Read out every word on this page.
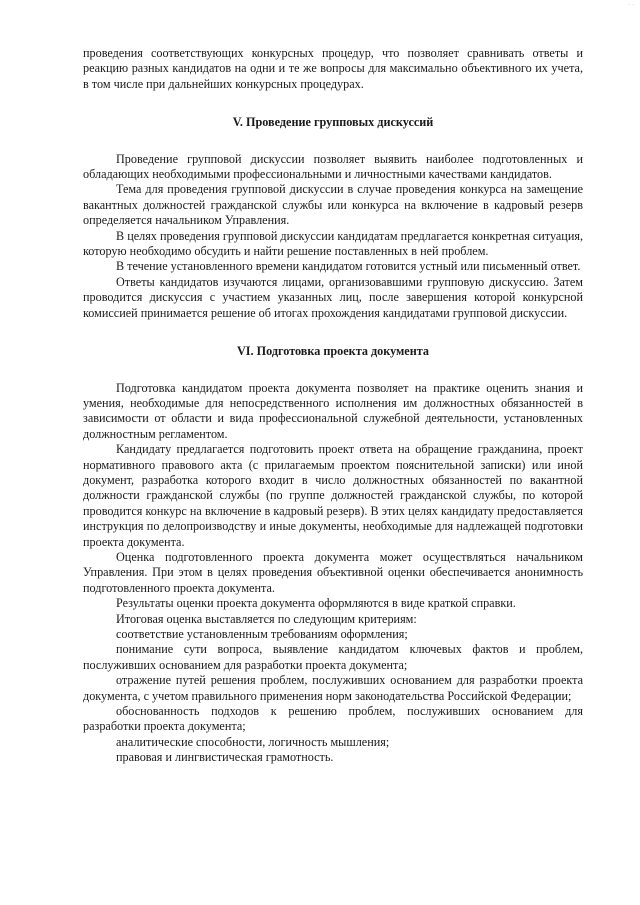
· ·

проведения соответствующих конкурсных процедур, что позволяет сравнивать ответы и реакцию разных кандидатов на одни и те же вопросы для максимально объективного их учета, в том числе при дальнейших конкурсных процедурах.

V. Проведение групповых дискуссий

Проведение групповой дискуссии позволяет выявить наиболее подготовленных и обладающих необходимыми профессиональными и личностными качествами кандидатов.

Тема для проведения групповой дискуссии в случае проведения конкурса на замещение вакантных должностей гражданской службы или конкурса на включение в кадровый резерв определяется начальником Управления.

В целях проведения групповой дискуссии кандидатам предлагается конкретная ситуация, которую необходимо обсудить и найти решение поставленных в ней проблем.

В течение установленного времени кандидатом готовится устный или письменный ответ.

Ответы кандидатов изучаются лицами, организовавшими групповую дискуссию. Затем проводится дискуссия с участием указанных лиц, после завершения которой конкурсной комиссией принимается решение об итогах прохождения кандидатами групповой дискуссии.

VI. Подготовка проекта документа

Подготовка кандидатом проекта документа позволяет на практике оценить знания и умения, необходимые для непосредственного исполнения им должностных обязанностей в зависимости от области и вида профессиональной служебной деятельности, установленных должностным регламентом.

Кандидату предлагается подготовить проект ответа на обращение гражданина, проект нормативного правового акта (с прилагаемым проектом пояснительной записки) или иной документ, разработка которого входит в число должностных обязанностей по вакантной должности гражданской службы (по группе должностей гражданской службы, по которой проводится конкурс на включение в кадровый резерв). В этих целях кандидату предоставляется инструкция по делопроизводству и иные документы, необходимые для надлежащей подготовки проекта документа.

Оценка подготовленного проекта документа может осуществляться начальником Управления. При этом в целях проведения объективной оценки обеспечивается анонимность подготовленного проекта документа.

Результаты оценки проекта документа оформляются в виде краткой справки.

Итоговая оценка выставляется по следующим критериям:

соответствие установленным требованиям оформления;

понимание сути вопроса, выявление кандидатом ключевых фактов и проблем, послуживших основанием для разработки проекта документа;

отражение путей решения проблем, послуживших основанием для разработки проекта документа, с учетом правильного применения норм законодательства Российской Федерации;

обоснованность подходов к решению проблем, послуживших основанием для разработки проекта документа;

аналитические способности, логичность мышления;

правовая и лингвистическая грамотность.
